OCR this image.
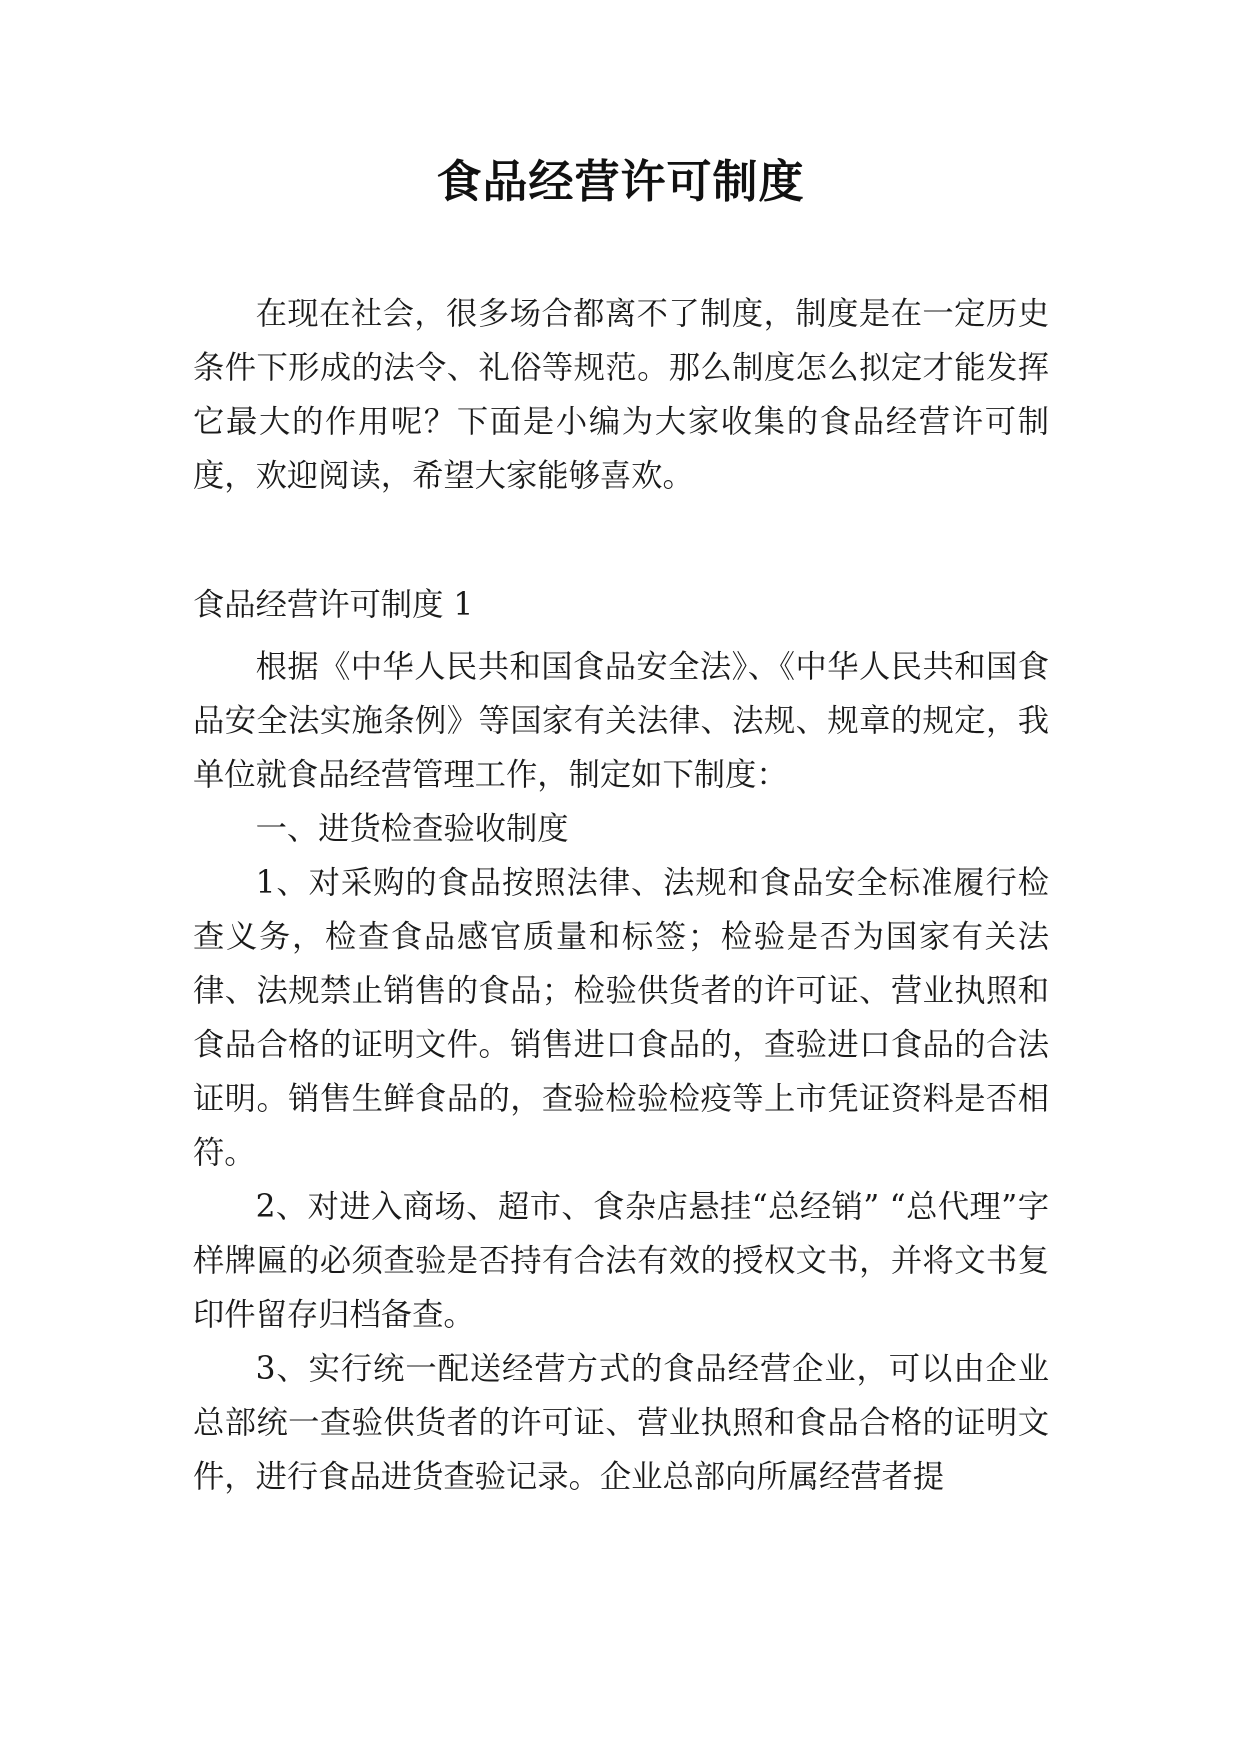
食品经营许可制度

在现在社会，很多场合都离不了制度，制度是在一定历史条件下形成的法令、礼俗等规范。那么制度怎么拟定才能发挥它最大的作用呢？下面是小编为大家收集的食品经营许可制度，欢迎阅读，希望大家能够喜欢。

食品经营许可制度 1

根据《中华人民共和国食品安全法》、《中华人民共和国食品安全法实施条例》等国家有关法律、法规、规章的规定，我单位就食品经营管理工作，制定如下制度：

一、进货检查验收制度

1、对采购的食品按照法律、法规和食品安全标准履行检查义务，检查食品感官质量和标签；检验是否为国家有关法律、法规禁止销售的食品；检验供货者的许可证、营业执照和食品合格的证明文件。销售进口食品的，查验进口食品的合法证明。销售生鲜食品的，查验检验检疫等上市凭证资料是否相符。

2、对进入商场、超市、食杂店悬挂“总经销” “总代理”字样牌匾的必须查验是否持有合法有效的授权文书，并将文书复印件留存归档备查。

3、实行统一配送经营方式的食品经营企业，可以由企业总部统一查验供货者的许可证、营业执照和食品合格的证明文件，进行食品进货查验记录。企业总部向所属经营者提
